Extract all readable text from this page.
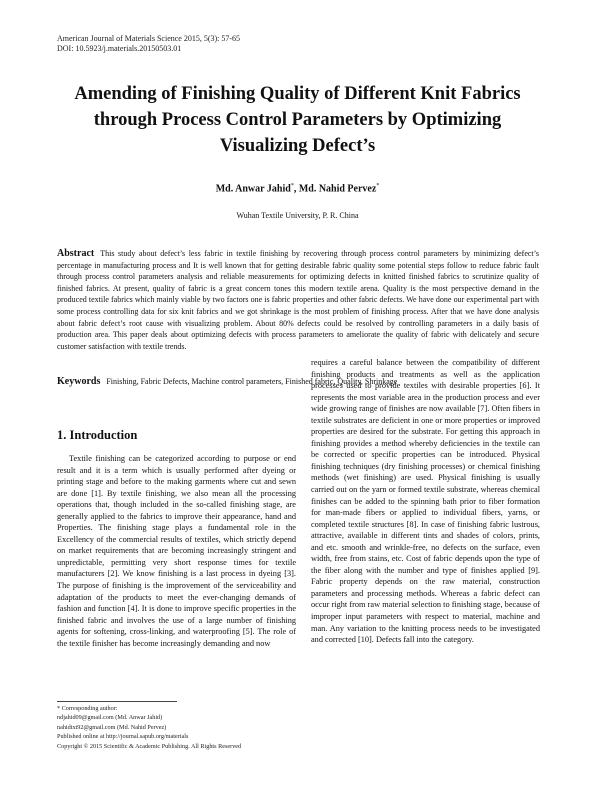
American Journal of Materials Science 2015, 5(3): 57-65
DOI: 10.5923/j.materials.20150503.01
Amending of Finishing Quality of Different Knit Fabrics
through Process Control Parameters by Optimizing
Visualizing Defect’s
Md. Anwar Jahid*, Md. Nahid Pervez*
Wuhan Textile University, P. R. China
Abstract This study about defect’s less fabric in textile finishing by recovering through process control parameters by minimizing defect’s percentage in manufacturing process and It is well known that for getting desirable fabric quality some potential steps follow to reduce fabric fault through process control parameters analysis and reliable measurements for optimizing defects in knitted finished fabrics to scrutinize quality of finished fabrics. At present, quality of fabric is a great concern tones this modern textile arena. Quality is the most perspective demand in the produced textile fabrics which mainly viable by two factors one is fabric properties and other fabric defects. We have done our experimental part with some process controlling data for six knit fabrics and we got shrinkage is the most problem of finishing process. After that we have done analysis about fabric defect’s root cause with visualizing problem. About 80% defects could be resolved by controlling parameters in a daily basis of production area. This paper deals about optimizing defects with process parameters to ameliorate the quality of fabric with delicately and secure customer satisfaction with textile trends.
Keywords Finishing, Fabric Defects, Machine control parameters, Finished fabric, Quality, Shrinkage
1. Introduction

Textile finishing can be categorized according to purpose or end result and it is a term which is usually performed after dyeing or printing stage and before to the making garments where cut and sewn are done [1]. By textile finishing, we also mean all the processing operations that, though included in the so-called finishing stage, are generally applied to the fabrics to improve their appearance, hand and Properties. The finishing stage plays a fundamental role in the Excellency of the commercial results of textiles, which strictly depend on market requirements that are becoming increasingly stringent and unpredictable, permitting very short response times for textile manufacturers [2]. We know finishing is a last process in dyeing [3]. The purpose of finishing is the improvement of the serviceability and adaptation of the products to meet the ever-changing demands of fashion and function [4]. It is done to improve specific properties in the finished fabric and involves the use of a large number of finishing agents for softening, cross-linking, and waterproofing [5]. The role of the textile finisher has become increasingly demanding and now

requires a careful balance between the compatibility of different finishing products and treatments as well as the application processes used to provide textiles with desirable properties [6]. It represents the most variable area in the production process and ever wide growing range of finishes are now available [7]. Often fibers in textile substrates are deficient in one or more properties or improved properties are desired for the substrate. For getting this approach in finishing provides a method whereby deficiencies in the textile can be corrected or specific properties can be introduced. Physical finishing techniques (dry finishing processes) or chemical finishing methods (wet finishing) are used. Physical finishing is usually carried out on the yarn or formed textile substrate, whereas chemical finishes can be added to the spinning bath prior to fiber formation for man-made fibers or applied to individual fibers, yarns, or completed textile structures [8]. In case of finishing fabric lustrous, attractive, available in different tints and shades of colors, prints, and etc. smooth and wrinkle-free, no defects on the surface, even width, free from stains, etc. Cost of fabric depends upon the type of the fiber along with the number and type of finishes applied [9]. Fabric property depends on the raw material, construction parameters and processing methods. Whereas a fabric defect can occur right from raw material selection to finishing stage, because of improper input parameters with respect to material, machine and man. Any variation to the knitting process needs to be investigated and corrected [10]. Defects fall into the category.

* Corresponding author:
ndjahid09@gmail.com (Md. Anwar Jahid)
nahidtxt92@gmail.com (Md. Nahid Pervez)
Published online at http://journal.sapub.org/materials
Copyright © 2015 Scientific & Academic Publishing. All Rights Reserved
